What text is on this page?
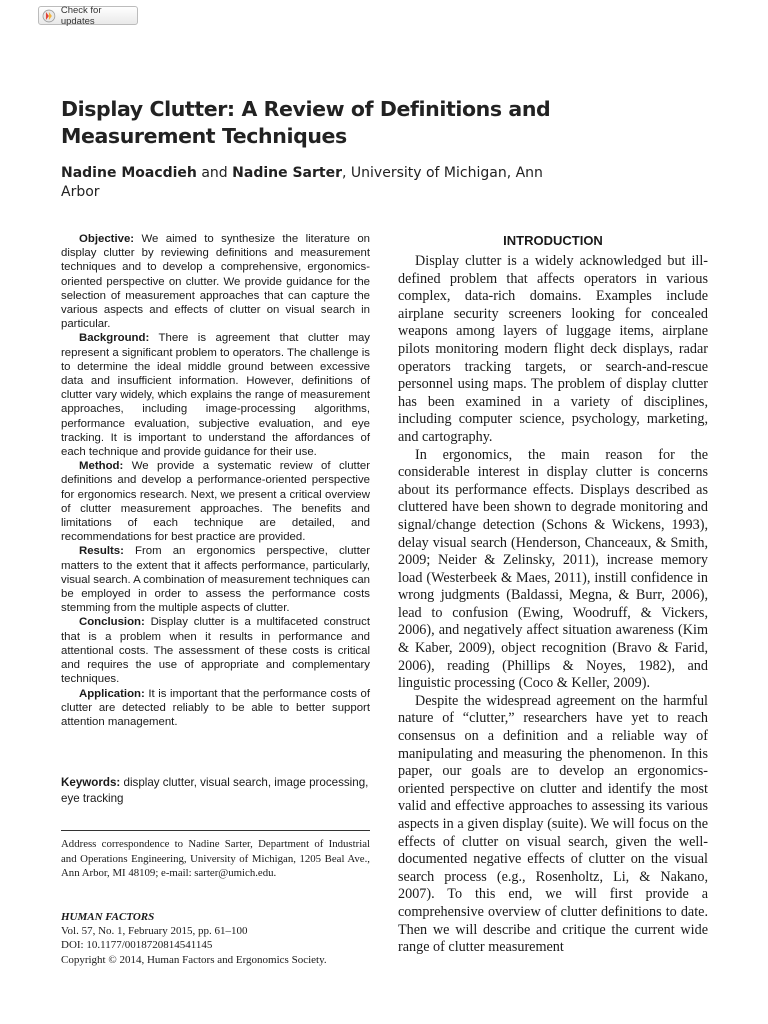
Check for updates
Display Clutter: A Review of Definitions and Measurement Techniques
Nadine Moacdieh and Nadine Sarter, University of Michigan, Ann Arbor

Objective: We aimed to synthesize the literature on display clutter by reviewing definitions and measurement techniques and to develop a comprehensive, ergonomics-oriented perspective on clutter. We provide guidance for the selection of measurement approaches that can capture the various aspects and effects of clutter on visual search in particular.

Background: There is agreement that clutter may represent a significant problem to operators. The challenge is to determine the ideal middle ground between excessive data and insufficient information. However, definitions of clutter vary widely, which explains the range of measurement approaches, including image-processing algorithms, performance evaluation, subjective evaluation, and eye tracking. It is important to understand the affordances of each technique and provide guidance for their use.

Method: We provide a systematic review of clutter definitions and develop a performance-oriented perspective for ergonomics research. Next, we present a critical overview of clutter measurement approaches. The benefits and limitations of each technique are detailed, and recommendations for best practice are provided.

Results: From an ergonomics perspective, clutter matters to the extent that it affects performance, particularly, visual search. A combination of measurement techniques can be employed in order to assess the performance costs stemming from the multiple aspects of clutter.

Conclusion: Display clutter is a multifaceted construct that is a problem when it results in performance and attentional costs. The assessment of these costs is critical and requires the use of appropriate and complementary techniques.

Application: It is important that the performance costs of clutter are detected reliably to be able to better support attention management.

Keywords: display clutter, visual search, image processing, eye tracking
Address correspondence to Nadine Sarter, Department of Industrial and Operations Engineering, University of Michigan, 1205 Beal Ave., Ann Arbor, MI 48109; e-mail: sarter@umich.edu.
HUMAN FACTORS
Vol. 57, No. 1, February 2015, pp. 61–100
DOI: 10.1177/0018720814541145
Copyright © 2014, Human Factors and Ergonomics Society.
INTRODUCTION

Display clutter is a widely acknowledged but ill-defined problem that affects operators in various complex, data-rich domains. Examples include airplane security screeners looking for concealed weapons among layers of luggage items, airplane pilots monitoring modern flight deck displays, radar operators tracking targets, or search-and-rescue personnel using maps. The problem of display clutter has been examined in a variety of disciplines, including computer science, psychology, marketing, and cartography.

In ergonomics, the main reason for the considerable interest in display clutter is concerns about its performance effects. Displays described as cluttered have been shown to degrade monitoring and signal/change detection (Schons & Wickens, 1993), delay visual search (Henderson, Chanceaux, & Smith, 2009; Neider & Zelinsky, 2011), increase memory load (Westerbeek & Maes, 2011), instill confidence in wrong judgments (Baldassi, Megna, & Burr, 2006), lead to confusion (Ewing, Woodruff, & Vickers, 2006), and negatively affect situation awareness (Kim & Kaber, 2009), object recognition (Bravo & Farid, 2006), reading (Phillips & Noyes, 1982), and linguistic processing (Coco & Keller, 2009).

Despite the widespread agreement on the harmful nature of “clutter,” researchers have yet to reach consensus on a definition and a reliable way of manipulating and measuring the phenomenon. In this paper, our goals are to develop an ergonomics-oriented perspective on clutter and identify the most valid and effective approaches to assessing its various aspects in a given display (suite). We will focus on the effects of clutter on visual search, given the well-documented negative effects of clutter on the visual search process (e.g., Rosenholtz, Li, & Nakano, 2007). To this end, we will first provide a comprehensive overview of clutter definitions to date. Then we will describe and critique the current wide range of clutter measurement
